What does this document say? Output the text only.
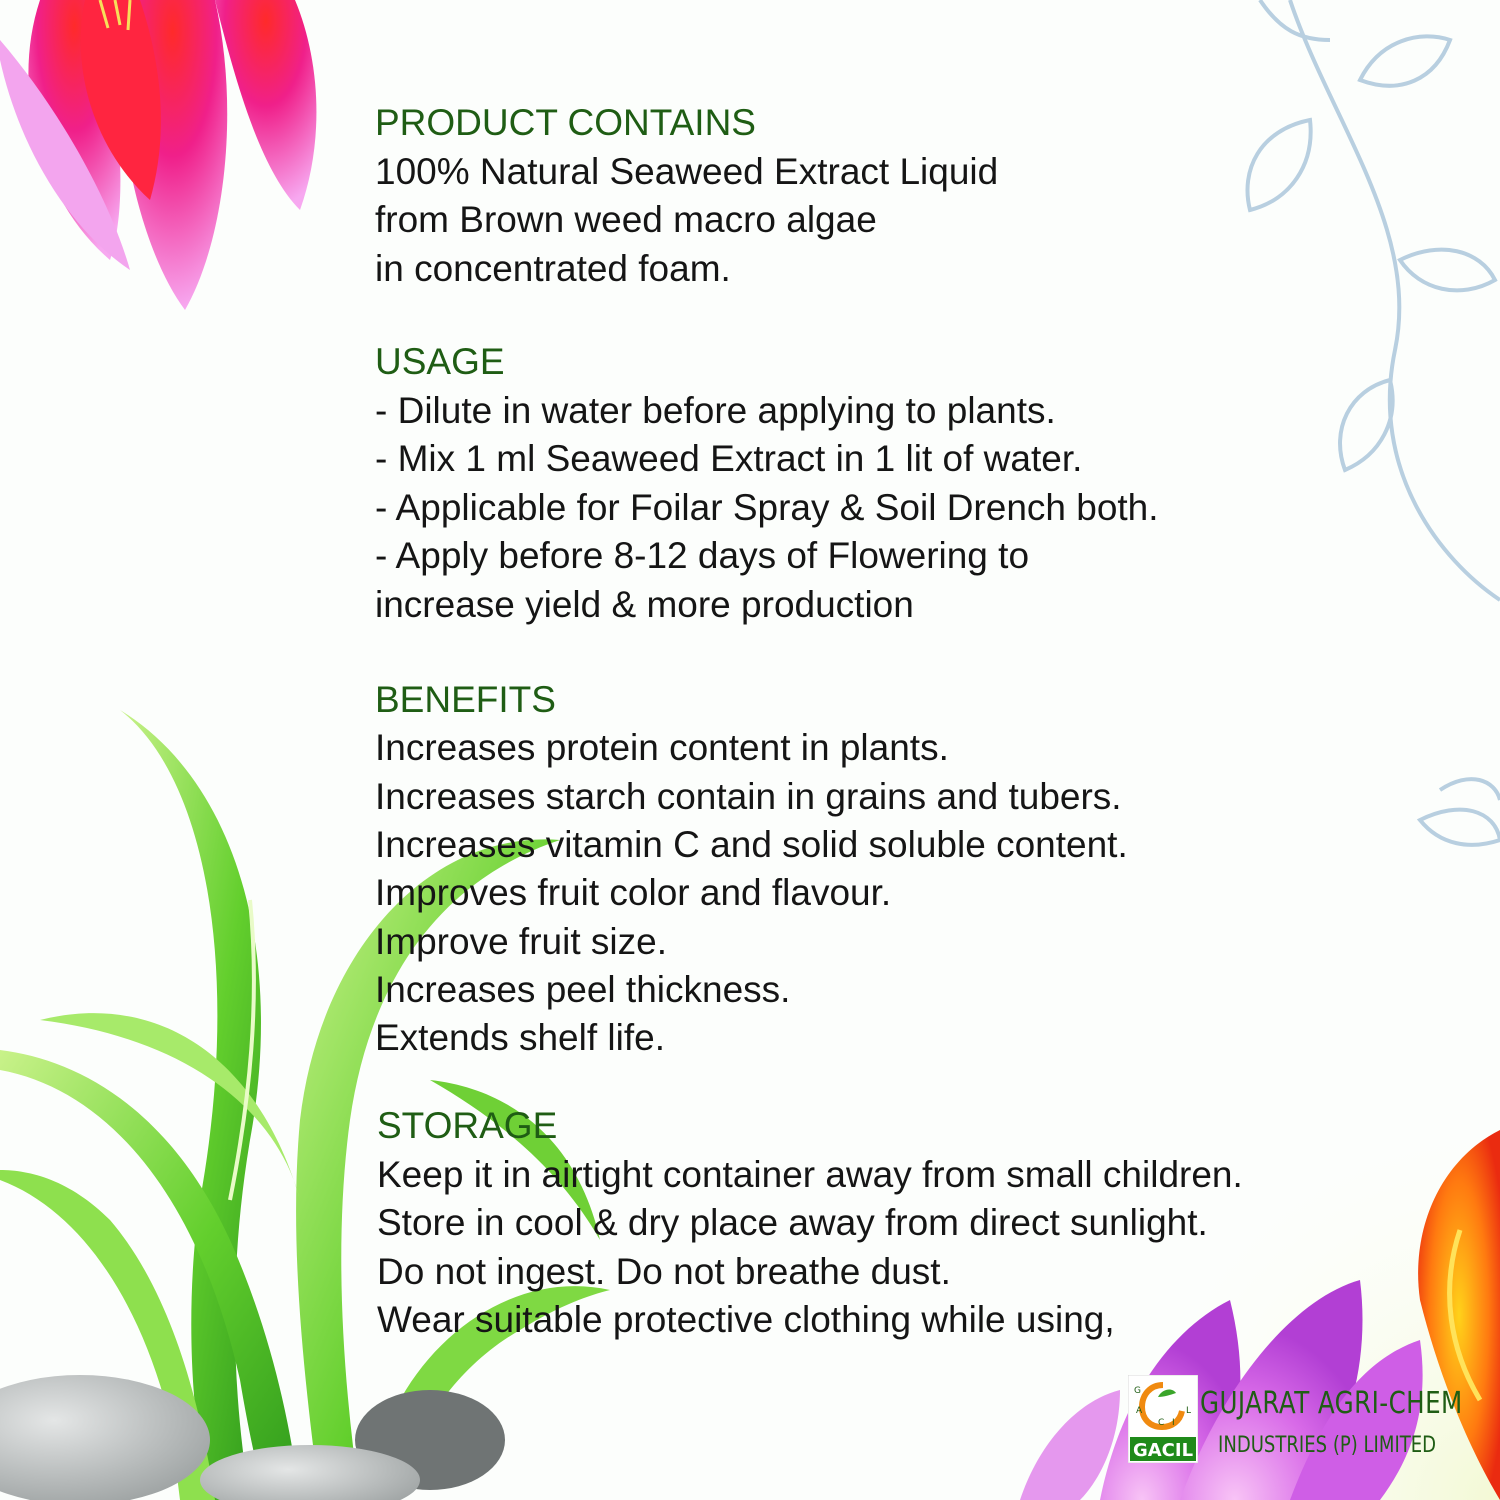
PRODUCT CONTAINS

100% Natural Seaweed Extract Liquid

from Brown weed macro algae

in concentrated foam.

USAGE

- Dilute in water before applying to plants.

- Mix 1 ml Seaweed Extract in 1 lit of water.

- Applicable for Foilar Spray & Soil Drench both.

- Apply before 8-12 days of Flowering to

increase yield & more production

BENEFITS

Increases protein content in plants.

Increases starch contain in grains and tubers.

Increases vitamin C and solid soluble content.

Improves fruit color and flavour.

Improve fruit size.

Increases peel thickness.

Extends shelf life.

STORAGE

Keep it in airtight container away from small children.

Store in cool & dry place away from direct sunlight.

Do not ingest. Do not breathe dust.

Wear suitable protective clothing while using,

G
A
C I
L
GACIL
GUJARAT AGRI-CHEM
INDUSTRIES (P) LIMITED
